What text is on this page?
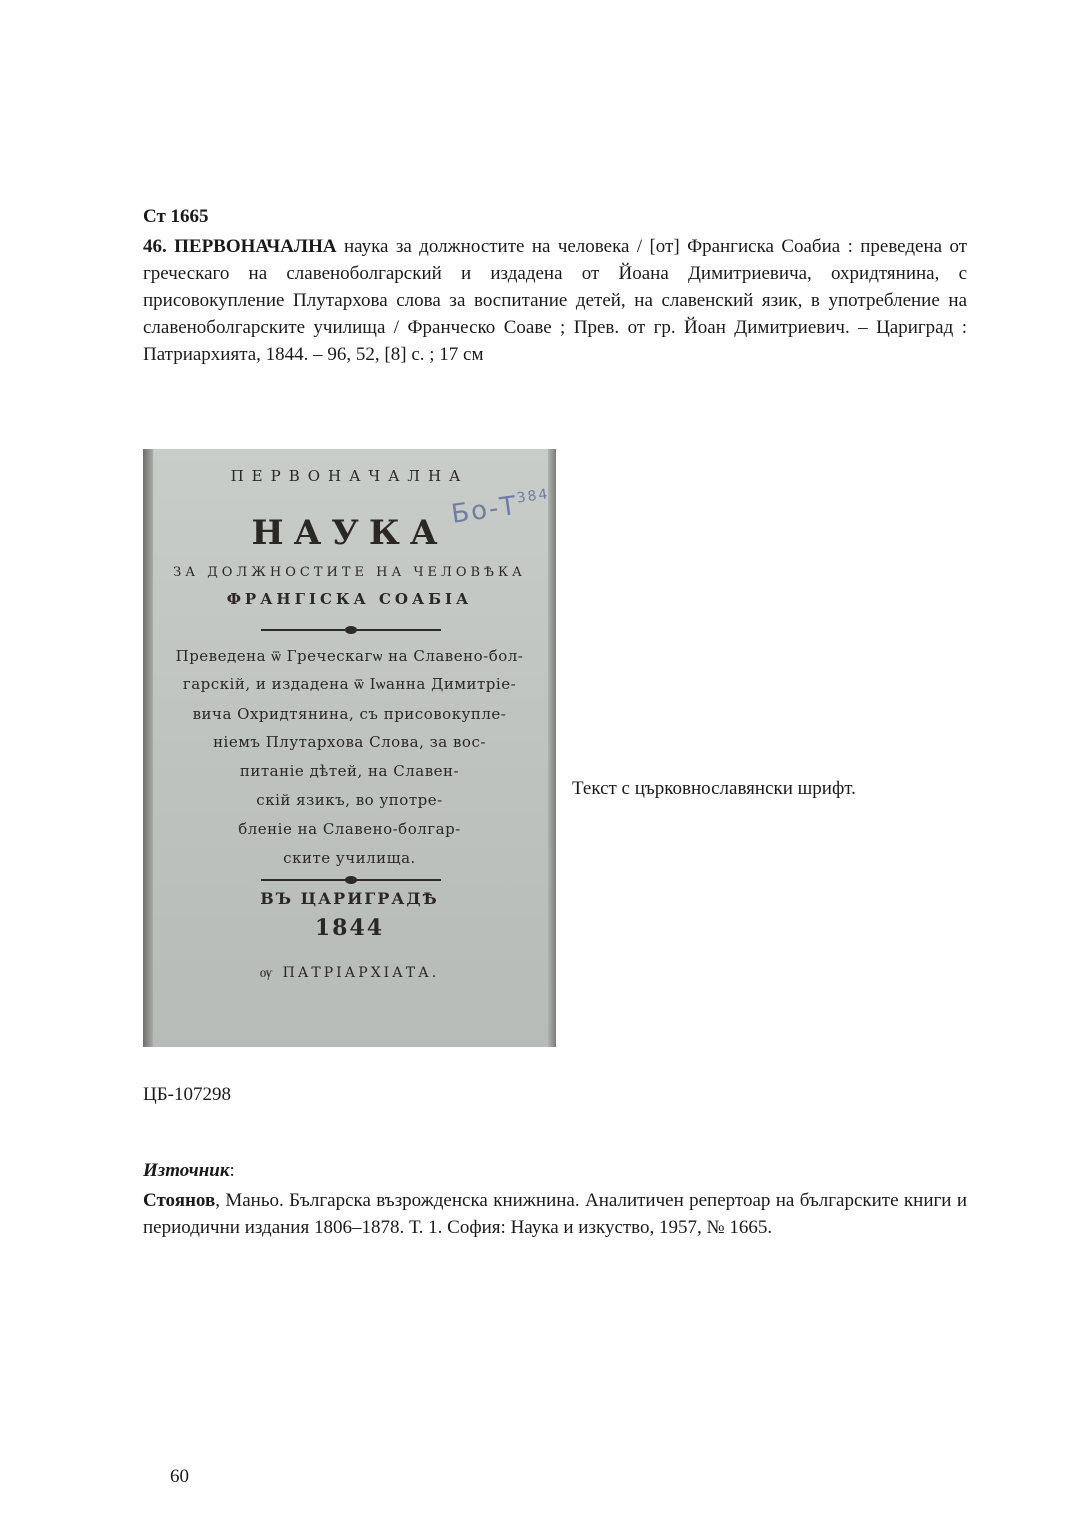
Ст 1665
46. ПЕРВОНАЧАЛНА наука за должностите на человека / [от] Франгиска Соабиа : преведена от греческаго на славеноболгарский и издадена от Йоана Димитриевича, охридтянина, с присовокупление Плутархова слова за воспитание детей, на славенский язик, в употребление на славеноболгарските училища / Франческо Соаве ; Прев. от гр. Йоан Димитриевич. – Цариград : Патриархията, 1844. – 96, 52, [8] с. ; 17 см
ПЕРВОНАЧАЛНА
НАУКА
ЗА ДОЛЖНОСТИТЕ НА ЧЕЛОВѢКА
ФРАНГІСКА СОАБІА
Преведена ѿ Греческагѡ на Славено-бол-
гарскій, и издадена ѿ Іѡанна Димитріе-
вича Охридтянина, съ присовокупле-
ніемъ Плутархова Слова, за вос-
питаніе дѣтей, на Славен-
скій язикъ, во употре-
бленіе на Славено-болгар-
ските училища.
ВЪ ЦАРИГРАДѢ
1844
ѹ ПАТРІАРХІАТА.
$Бо-Т^{384}$
Текст с църковнославянски шрифт.
ЦБ-107298
Източник:
Стоянов, Маньо. Българска възрожденска книжнина. Аналитичен репертоар на българските книги и периодични издания 1806–1878. Т. 1. София: Наука и изкуство, 1957, № 1665.
60
